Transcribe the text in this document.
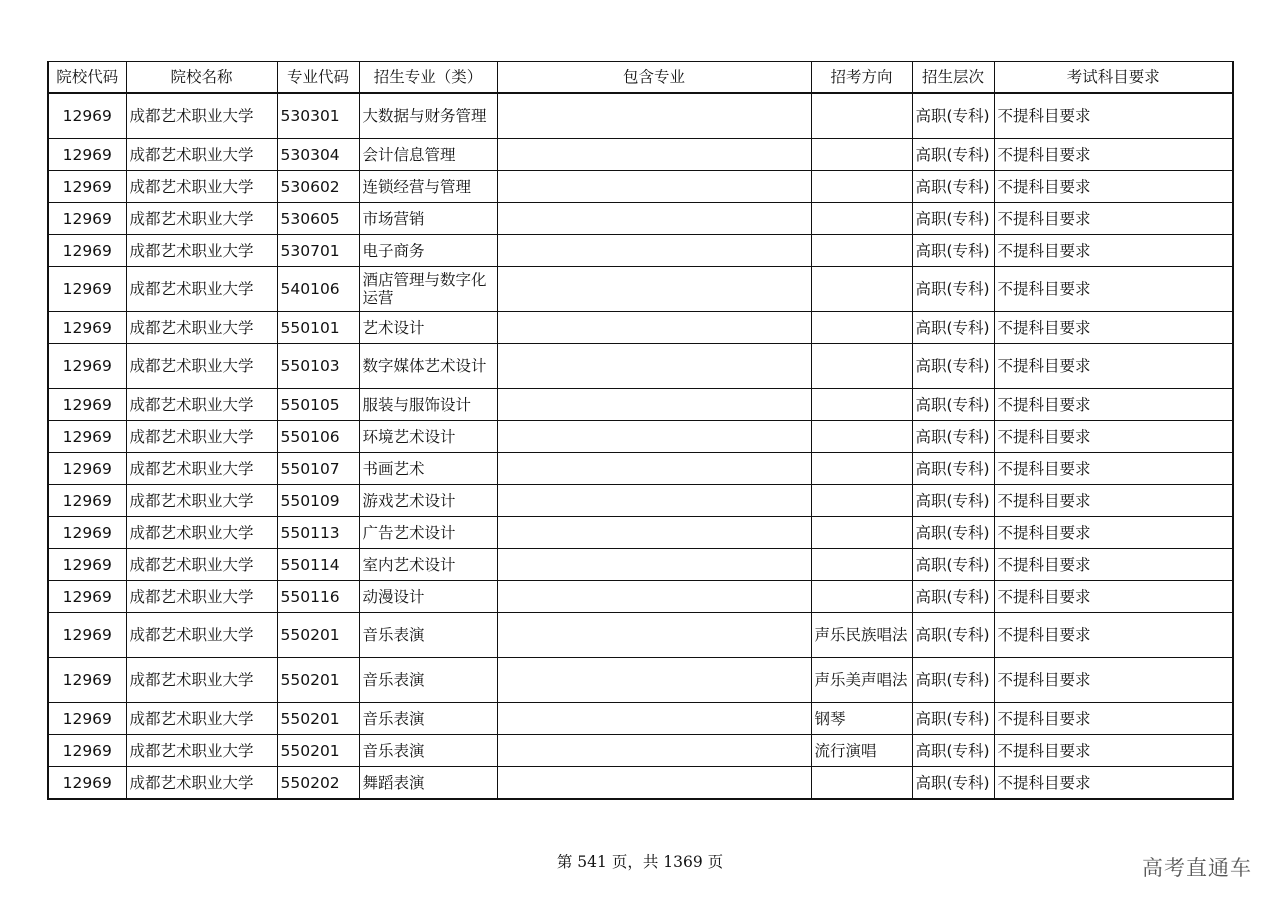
院校代码	院校名称	专业代码	招生专业（类）	包含专业	招考方向	招生层次	考试科目要求
12969	成都艺术职业大学	530301	大数据与财务管理			高职(专科)	不提科目要求
12969	成都艺术职业大学	530304	会计信息管理			高职(专科)	不提科目要求
12969	成都艺术职业大学	530602	连锁经营与管理			高职(专科)	不提科目要求
12969	成都艺术职业大学	530605	市场营销			高职(专科)	不提科目要求
12969	成都艺术职业大学	530701	电子商务			高职(专科)	不提科目要求
12969	成都艺术职业大学	540106	酒店管理与数字化运营			高职(专科)	不提科目要求
12969	成都艺术职业大学	550101	艺术设计			高职(专科)	不提科目要求
12969	成都艺术职业大学	550103	数字媒体艺术设计			高职(专科)	不提科目要求
12969	成都艺术职业大学	550105	服装与服饰设计			高职(专科)	不提科目要求
12969	成都艺术职业大学	550106	环境艺术设计			高职(专科)	不提科目要求
12969	成都艺术职业大学	550107	书画艺术			高职(专科)	不提科目要求
12969	成都艺术职业大学	550109	游戏艺术设计			高职(专科)	不提科目要求
12969	成都艺术职业大学	550113	广告艺术设计			高职(专科)	不提科目要求
12969	成都艺术职业大学	550114	室内艺术设计			高职(专科)	不提科目要求
12969	成都艺术职业大学	550116	动漫设计			高职(专科)	不提科目要求
12969	成都艺术职业大学	550201	音乐表演		声乐民族唱法	高职(专科)	不提科目要求
12969	成都艺术职业大学	550201	音乐表演		声乐美声唱法	高职(专科)	不提科目要求
12969	成都艺术职业大学	550201	音乐表演		钢琴	高职(专科)	不提科目要求
12969	成都艺术职业大学	550201	音乐表演		流行演唱	高职(专科)	不提科目要求
12969	成都艺术职业大学	550202	舞蹈表演			高职(专科)	不提科目要求
第 541 页，共 1369 页	高考直通车
